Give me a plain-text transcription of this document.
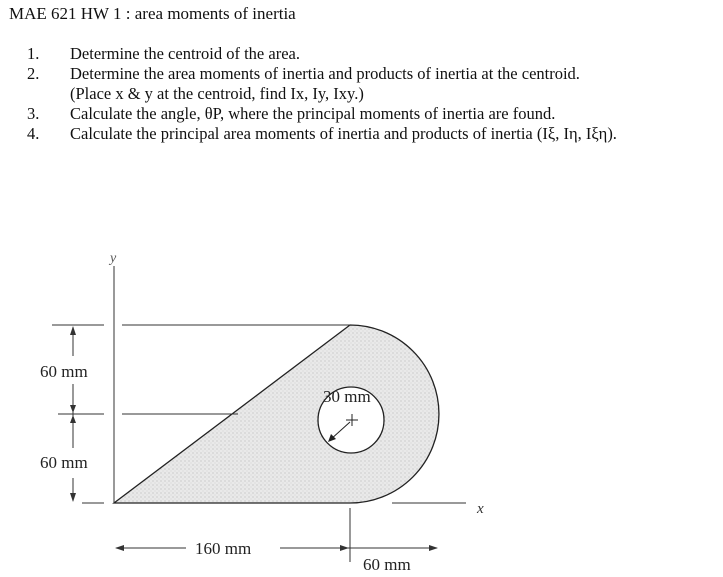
MAE 621 HW 1 : area moments of inertia
1. Determine the centroid of the area.
2. Determine the area moments of inertia and products of inertia at the centroid.
(Place x & y at the centroid, find Ix, Iy, Ixy.)
3. Calculate the angle, θP, where the principal moments of inertia are found.
4. Calculate the principal area moments of inertia and products of inertia (Iξ, Iη, Iξη).
y
x
60 mm
60 mm
30 mm
160 mm
60 mm
